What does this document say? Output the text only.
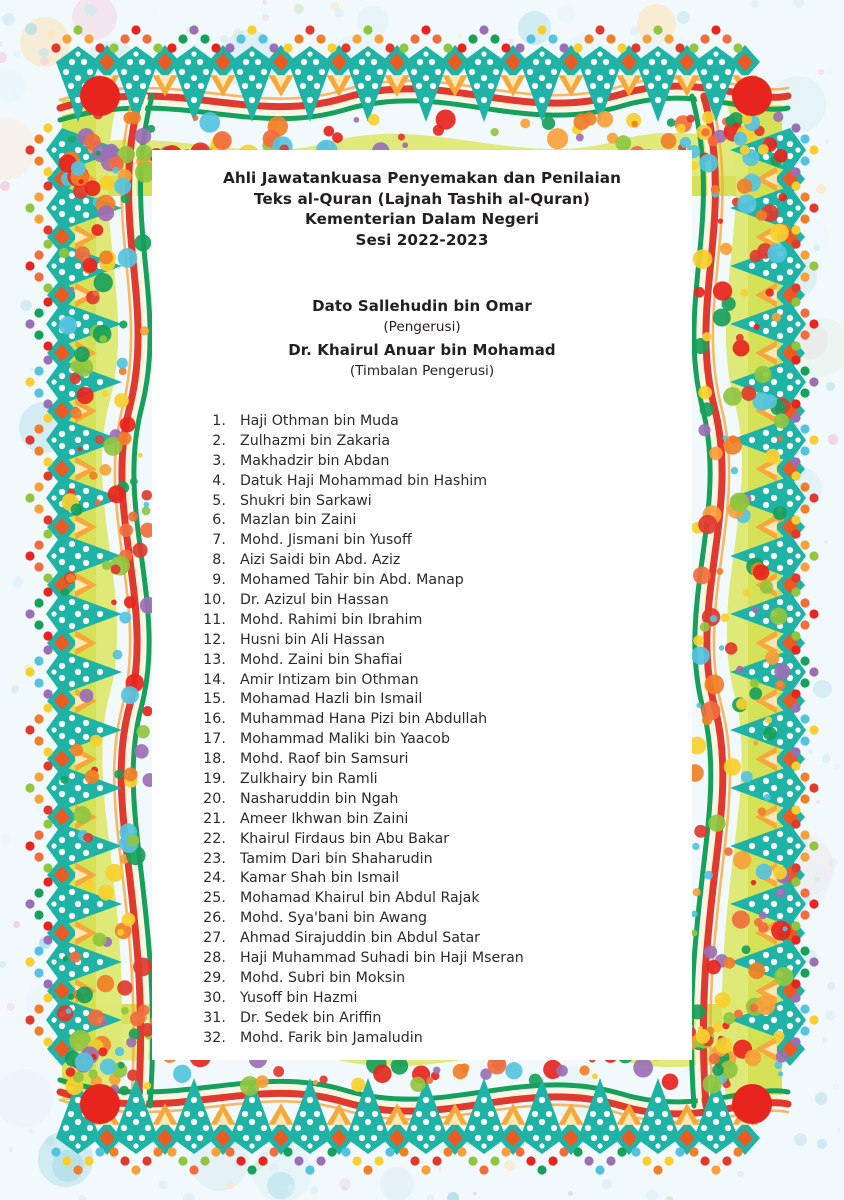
Ahli Jawatankuasa Penyemakan dan Penilaian
Teks al-Quran (Lajnah Tashih al-Quran)
Kementerian Dalam Negeri
Sesi 2022-2023
Dato Sallehudin bin Omar
(Pengerusi)
Dr. Khairul Anuar bin Mohamad
(Timbalan Pengerusi)
1. Haji Othman bin Muda
2. Zulhazmi bin Zakaria
3. Makhadzir bin Abdan
4. Datuk Haji Mohammad bin Hashim
5. Shukri bin Sarkawi
6. Mazlan bin Zaini
7. Mohd. Jismani bin Yusoff
8. Aizi Saidi bin Abd. Aziz
9. Mohamed Tahir bin Abd. Manap
10. Dr. Azizul bin Hassan
11. Mohd. Rahimi bin Ibrahim
12. Husni bin Ali Hassan
13. Mohd. Zaini bin Shafiai
14. Amir Intizam bin Othman
15. Mohamad Hazli bin Ismail
16. Muhammad Hana Pizi bin Abdullah
17. Mohammad Maliki bin Yaacob
18. Mohd. Raof bin Samsuri
19. Zulkhairy bin Ramli
20. Nasharuddin bin Ngah
21. Ameer Ikhwan bin Zaini
22. Khairul Firdaus bin Abu Bakar
23. Tamim Dari bin Shaharudin
24. Kamar Shah bin Ismail
25. Mohamad Khairul bin Abdul Rajak
26. Mohd. Sya'bani bin Awang
27. Ahmad Sirajuddin bin Abdul Satar
28. Haji Muhammad Suhadi bin Haji Mseran
29. Mohd. Subri bin Moksin
30. Yusoff bin Hazmi
31. Dr. Sedek bin Ariffin
32. Mohd. Farik bin Jamaludin
